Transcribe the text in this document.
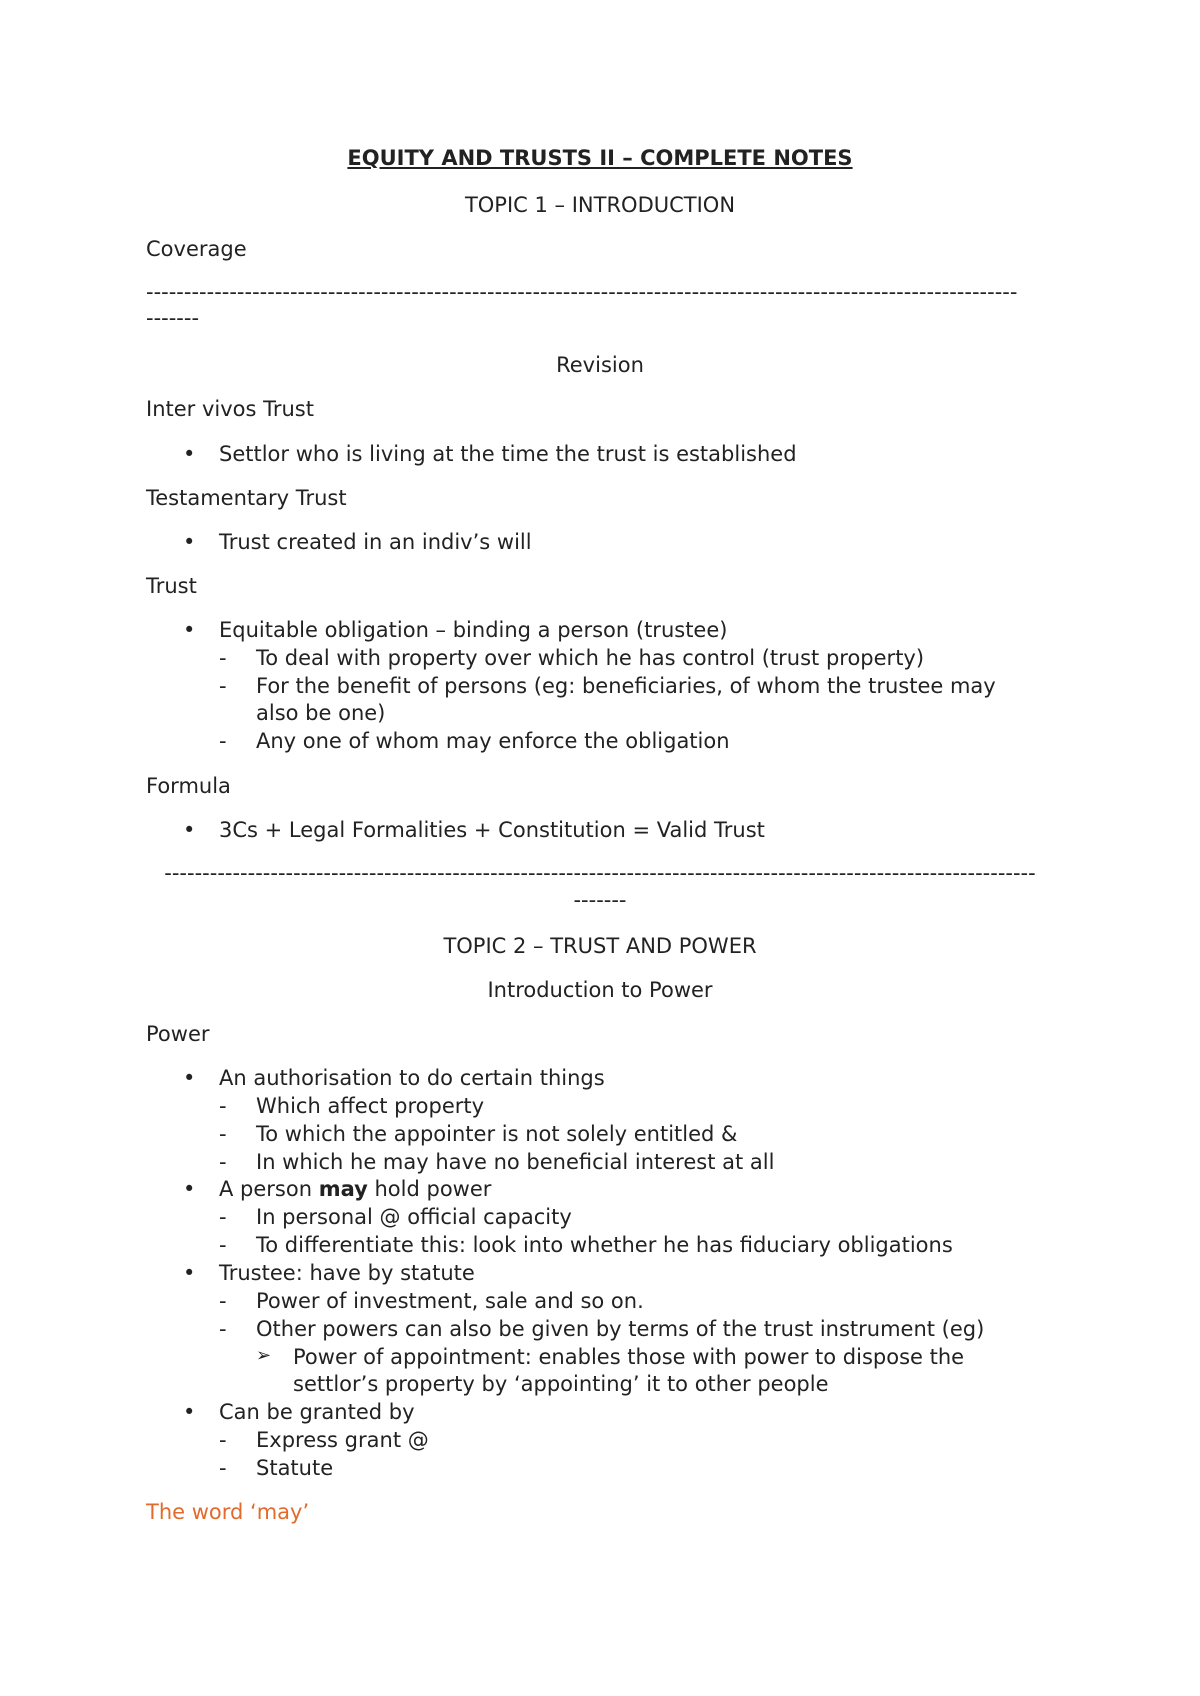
EQUITY AND TRUSTS II – COMPLETE NOTES
TOPIC 1 – INTRODUCTION
Coverage
-------------------------------------------------------------------------------------------------------------------
-------
Revision
Inter vivos Trust
• Settlor who is living at the time the trust is established
Testamentary Trust
• Trust created in an indiv’s will
Trust
• Equitable obligation – binding a person (trustee)
- To deal with property over which he has control (trust property)
- For the benefit of persons (eg: beneficiaries, of whom the trustee may
also be one)
- Any one of whom may enforce the obligation
Formula
• 3Cs + Legal Formalities + Constitution = Valid Trust
-------------------------------------------------------------------------------------------------------------------
-------
TOPIC 2 – TRUST AND POWER
Introduction to Power
Power
• An authorisation to do certain things
- Which affect property
- To which the appointer is not solely entitled &
- In which he may have no beneficial interest at all
• A person may hold power
- In personal @ official capacity
- To differentiate this: look into whether he has fiduciary obligations
• Trustee: have by statute
- Power of investment, sale and so on.
- Other powers can also be given by terms of the trust instrument (eg)
➢ Power of appointment: enables those with power to dispose the
settlor’s property by ‘appointing’ it to other people
• Can be granted by
- Express grant @
- Statute
The word ‘may’
